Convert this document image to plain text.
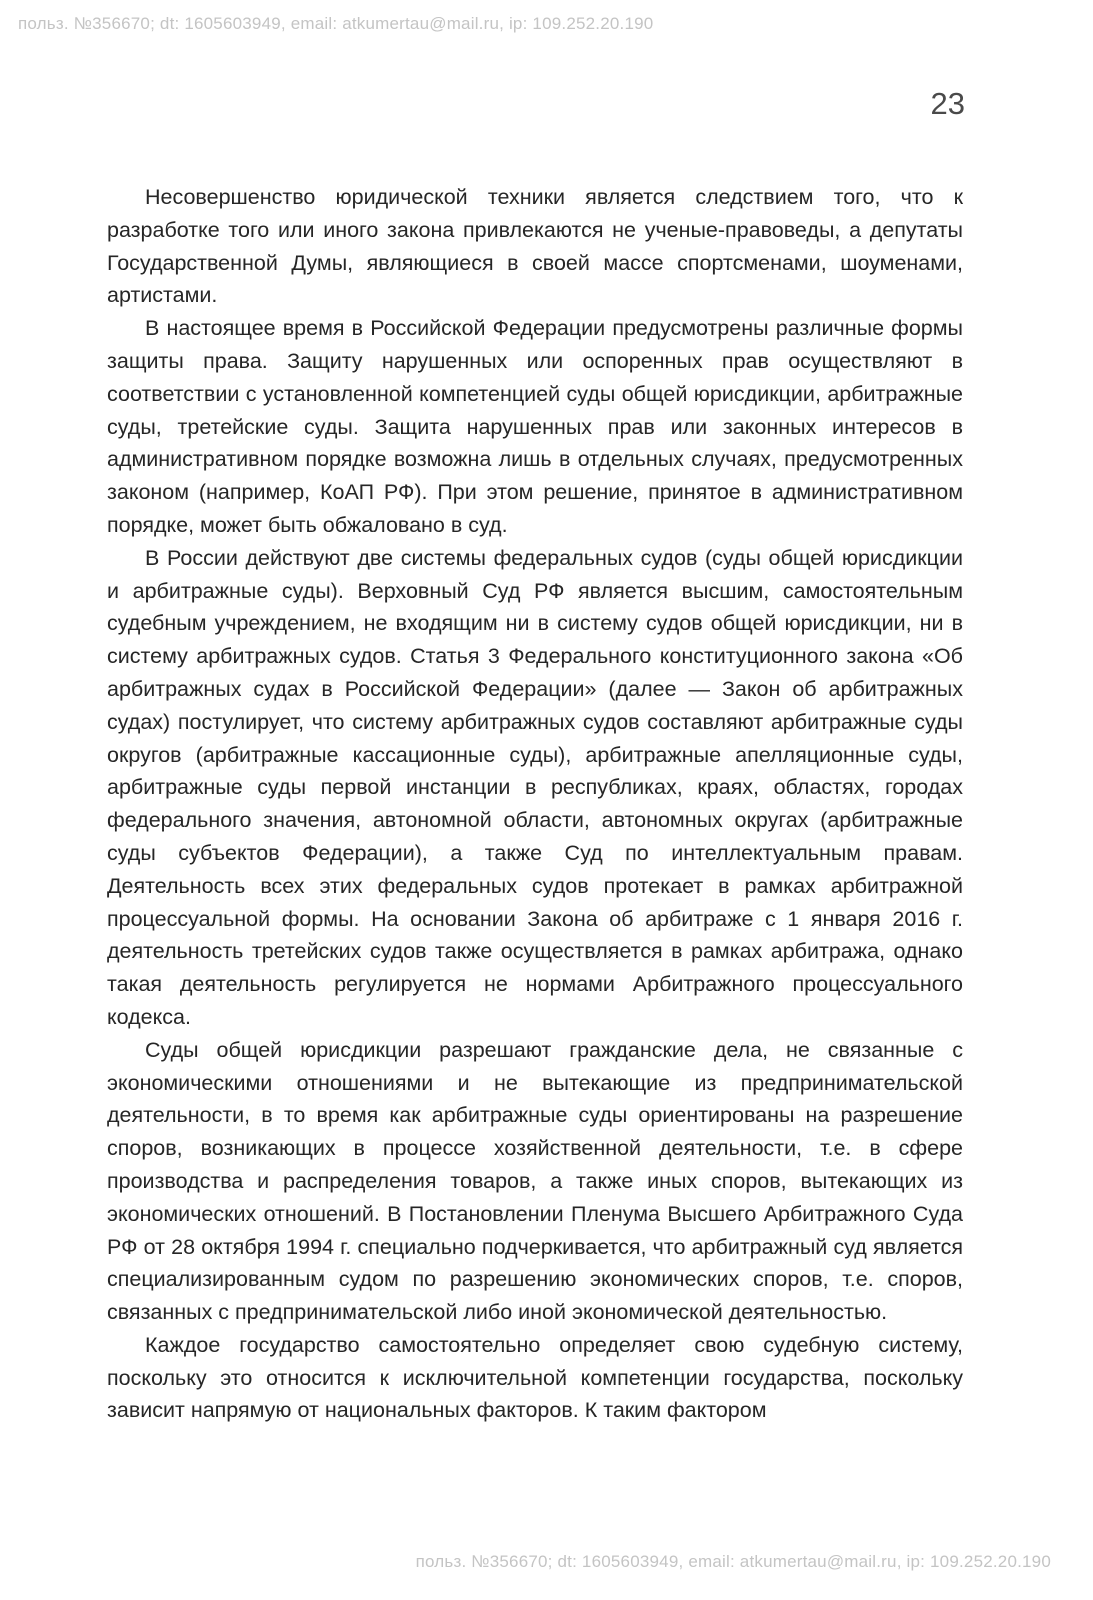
польз. №356670; dt: 1605603949, email: atkumertau@mail.ru, ip: 109.252.20.190
23

Несовершенство юридической техники является следствием того, что к разработке того или иного закона привлекаются не ученые-правоведы, а депутаты Государственной Думы, являющиеся в своей массе спортсменами, шоуменами, артистами.

В настоящее время в Российской Федерации предусмотрены различные формы защиты права. Защиту нарушенных или оспоренных прав осуществляют в соответствии с установленной компетенцией суды общей юрисдикции, арбитражные суды, третейские суды. Защита нарушенных прав или законных интересов в административном порядке возможна лишь в отдельных случаях, предусмотренных законом (например, КоАП РФ). При этом решение, принятое в административном порядке, может быть обжаловано в суд.

В России действуют две системы федеральных судов (суды общей юрисдикции и арбитражные суды). Верховный Суд РФ является высшим, самостоятельным судебным учреждением, не входящим ни в систему судов общей юрисдикции, ни в систему арбитражных судов. Статья 3 Федерального конституционного закона «Об арбитражных судах в Российской Федерации» (далее — Закон об арбитражных судах) постулирует, что систему арбитражных судов составляют арбитражные суды округов (арбитражные кассационные суды), арбитражные апелляционные суды, арбитражные суды первой инстанции в республиках, краях, областях, городах федерального значения, автономной области, автономных округах (арбитражные суды субъектов Федерации), а также Суд по интеллектуальным правам. Деятельность всех этих федеральных судов протекает в рамках арбитражной процессуальной формы. На основании Закона об арбитраже с 1 января 2016 г. деятельность третейских судов также осуществляется в рамках арбитража, однако такая деятельность регулируется не нормами Арбитражного процессуального кодекса.

Суды общей юрисдикции разрешают гражданские дела, не связанные с экономическими отношениями и не вытекающие из предпринимательской деятельности, в то время как арбитражные суды ориентированы на разрешение споров, возникающих в процессе хозяйственной деятельности, т.е. в сфере производства и распределения товаров, а также иных споров, вытекающих из экономических отношений. В Постановлении Пленума Высшего Арбитражного Суда РФ от 28 октября 1994 г. специально подчеркивается, что арбитражный суд является специализированным судом по разрешению экономических споров, т.е. споров, связанных с предпринимательской либо иной экономической деятельностью.

Каждое государство самостоятельно определяет свою судебную систему, поскольку это относится к исключительной компетенции государства, поскольку зависит напрямую от национальных факторов. К таким фактором

польз. №356670; dt: 1605603949, email: atkumertau@mail.ru, ip: 109.252.20.190
